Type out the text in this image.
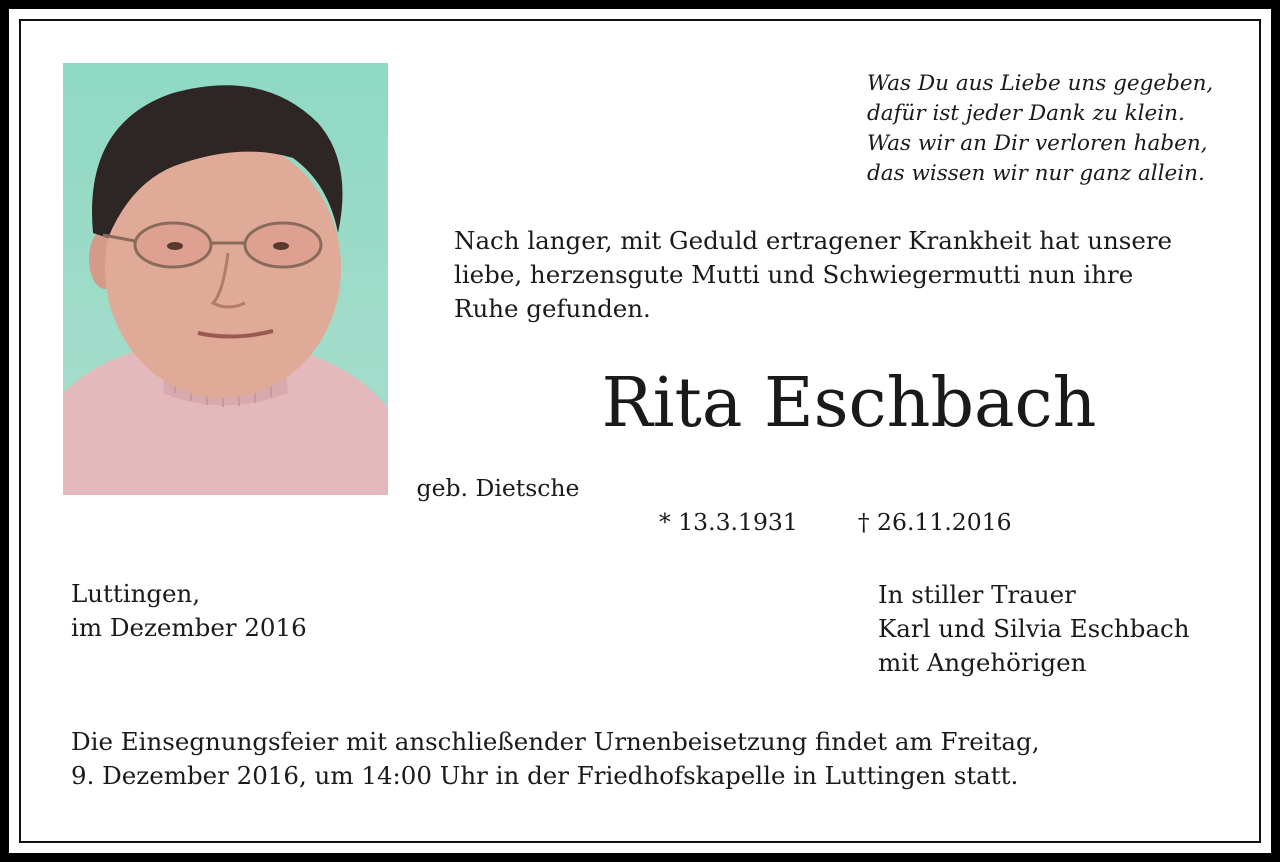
Was Du aus Liebe uns gegeben,
dafür ist jeder Dank zu klein.
Was wir an Dir verloren haben,
das wissen wir nur ganz allein.
Nach langer, mit Geduld ertragener Krankheit hat unsere
liebe, herzensgute Mutti und Schwiegermutti nun ihre
Ruhe gefunden.
Rita Eschbach
geb. Dietsche
* 13.3.1931	† 26.11.2016
Luttingen,
im Dezember 2016
In stiller Trauer
Karl und Silvia Eschbach
mit Angehörigen
Die Einsegnungsfeier mit anschließender Urnenbeisetzung findet am Freitag,
9. Dezember 2016, um 14:00 Uhr in der Friedhofskapelle in Luttingen statt.
